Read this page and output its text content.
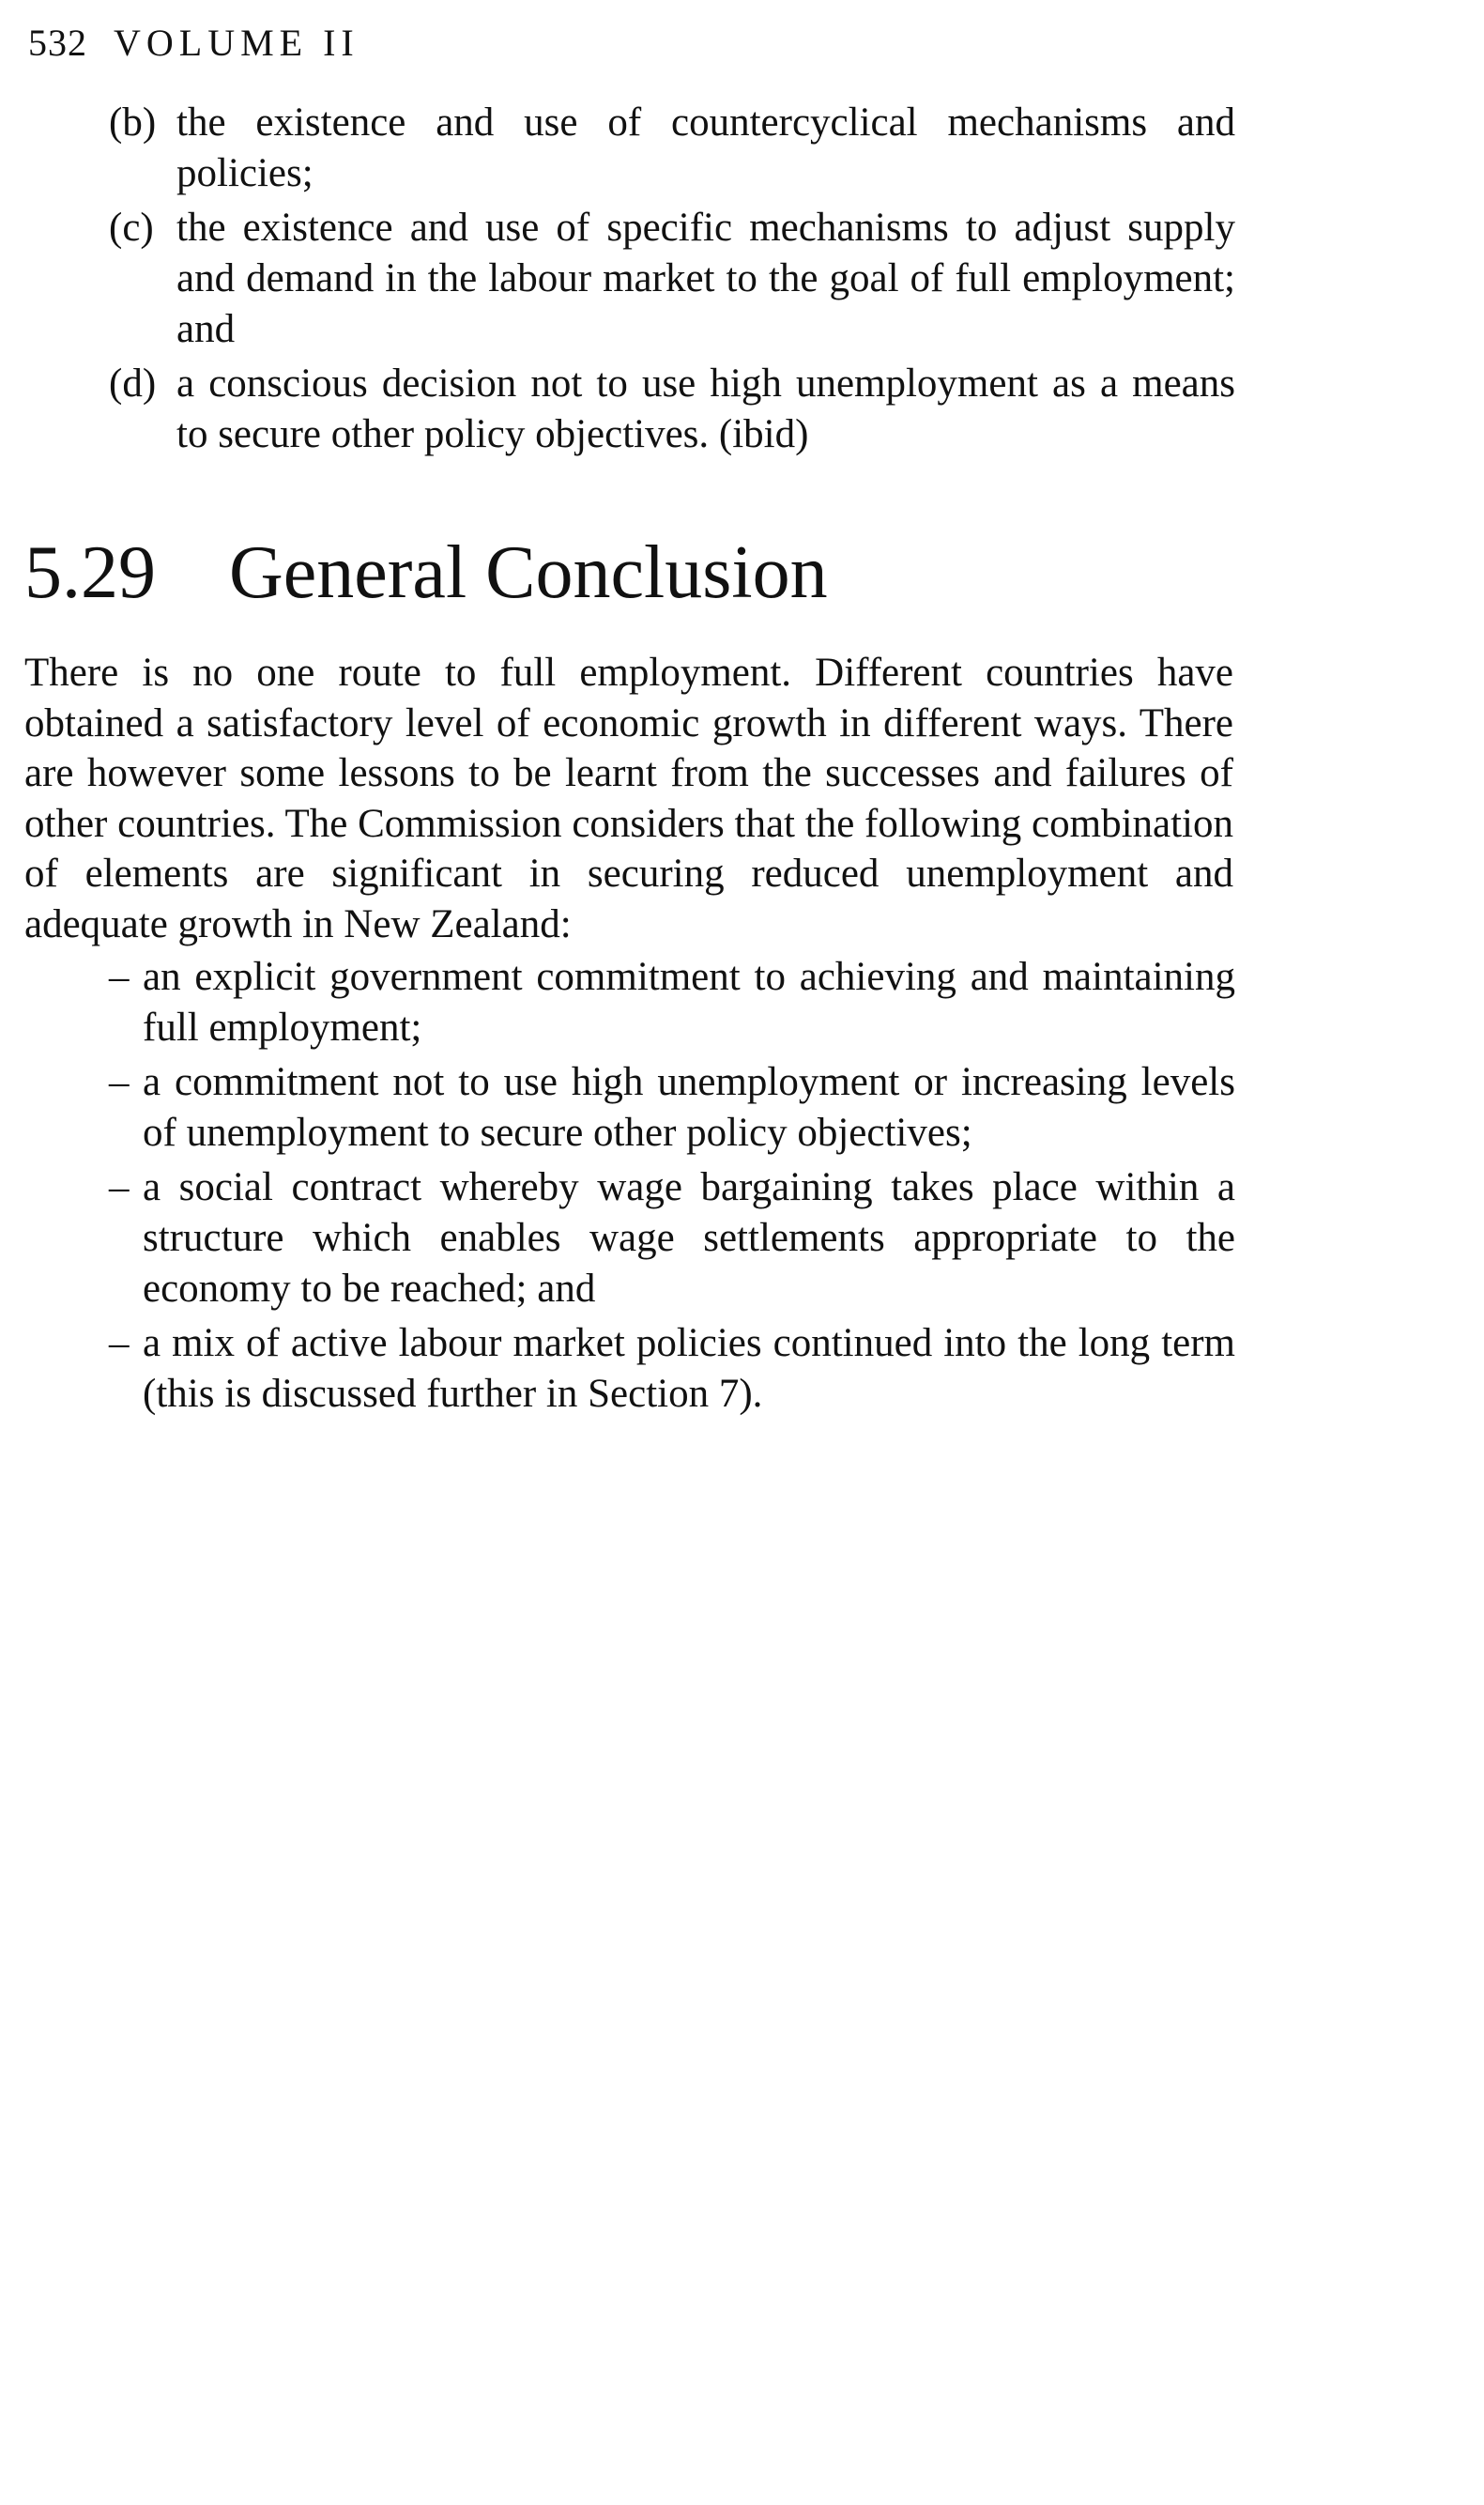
532 VOLUME II
(b) the existence and use of countercyclical mechanisms and policies;
(c) the existence and use of specific mechanisms to adjust supply and demand in the labour market to the goal of full employment; and
(d) a conscious decision not to use high unemployment as a means to secure other policy objectives. (ibid)
5.29 General Conclusion

There is no one route to full employment. Different countries have obtained a satisfactory level of economic growth in different ways. There are however some lessons to be learnt from the successes and failures of other countries. The Commission considers that the following combination of elements are significant in securing reduced unemployment and adequate growth in New Zealand:

– an explicit government commitment to achieving and maintaining full employment;
– a commitment not to use high unemployment or increasing levels of unemployment to secure other policy objectives;
– a social contract whereby wage bargaining takes place within a structure which enables wage settlements appropriate to the economy to be reached; and
– a mix of active labour market policies continued into the long term (this is discussed further in Section 7).
